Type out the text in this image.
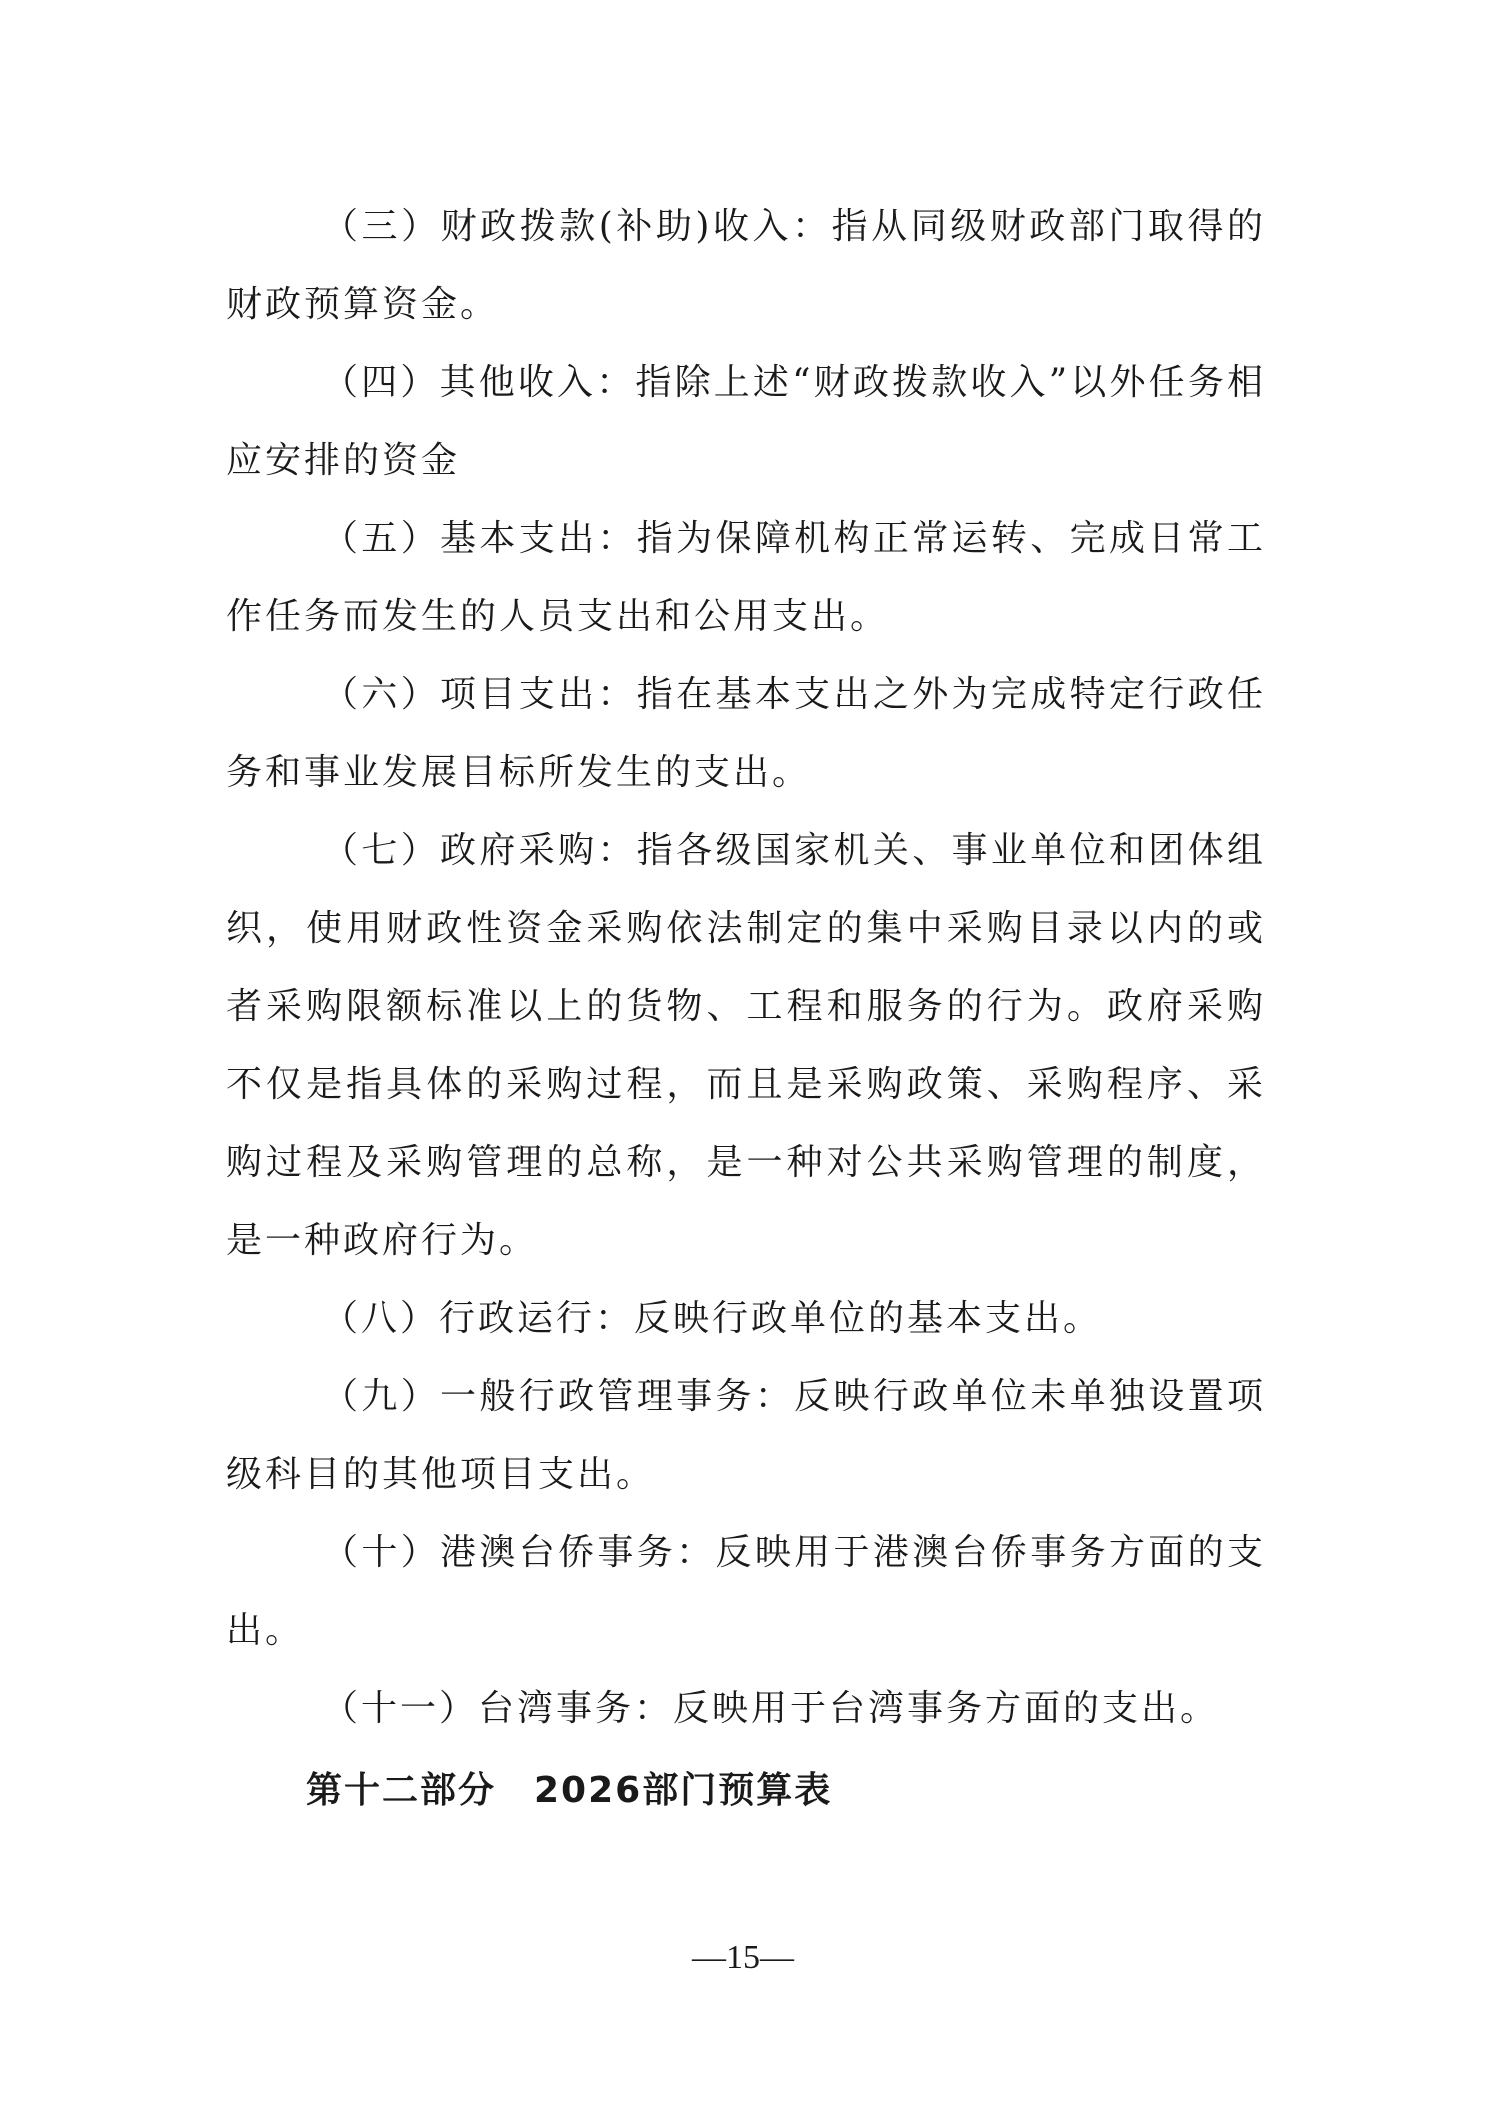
（三）财政拨款(补助)收入：指从同级财政部门取得的财政预算资金。

（四）其他收入：指除上述“财政拨款收入”以外任务相应安排的资金

（五）基本支出：指为保障机构正常运转、完成日常工作任务而发生的人员支出和公用支出。

（六）项目支出：指在基本支出之外为完成特定行政任务和事业发展目标所发生的支出。

（七）政府采购：指各级国家机关、事业单位和团体组织，使用财政性资金采购依法制定的集中采购目录以内的或者采购限额标准以上的货物、工程和服务的行为。政府采购不仅是指具体的采购过程，而且是采购政策、采购程序、采购过程及采购管理的总称，是一种对公共采购管理的制度，是一种政府行为。

（八）行政运行：反映行政单位的基本支出。

（九）一般行政管理事务：反映行政单位未单独设置项级科目的其他项目支出。

（十）港澳台侨事务：反映用于港澳台侨事务方面的支出。

（十一）台湾事务：反映用于台湾事务方面的支出。

第十二部分　2026部门预算表
—15—
